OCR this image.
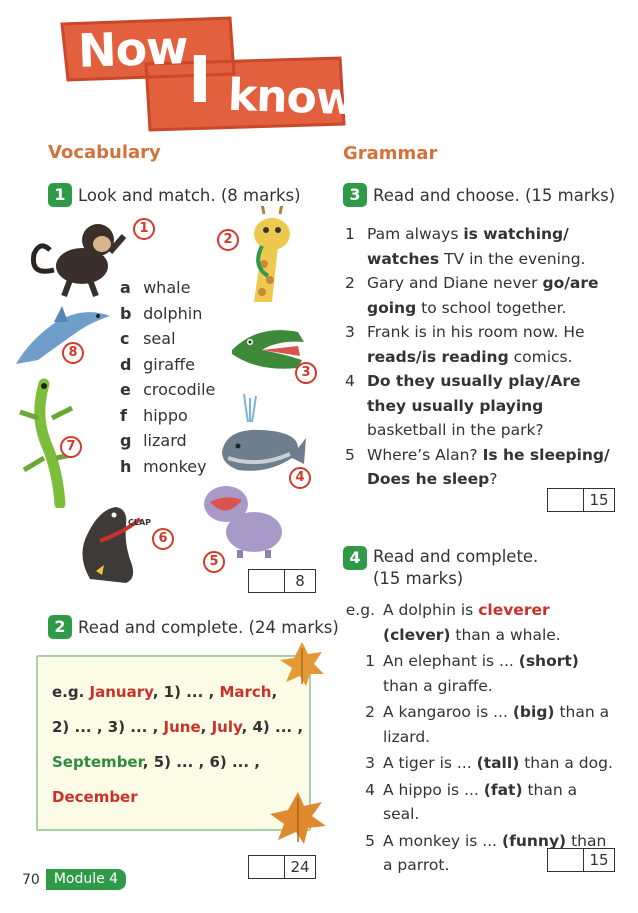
Now I know
Vocabulary
1 Look and match. (8 marks)
a whale
b dolphin
c seal
d giraffe
e crocodile
f hippo
g lizard
h monkey
CLAP
1
2
3
4
5
6
7
8
8
2 Read and complete. (24 marks)
e.g. January, 1) ... , March,
2) ... , 3) ... , June, July, 4) ... ,
September, 5) ... , 6) ... ,
December
24
Grammar
3 Read and choose. (15 marks)
1 Pam always is watching/ watches TV in the evening.
2 Gary and Diane never go/are going to school together.
3 Frank is in his room now. He reads/is reading comics.
4 Do they usually play/Are they usually playing basketball in the park?
5 Where’s Alan? Is he sleeping/ Does he sleep?
15
4 Read and complete.
(15 marks)
e.g. A dolphin is cleverer (clever) than a whale.
1 An elephant is ... (short) than a giraffe.
2 A kangaroo is ... (big) than a lizard.
3 A tiger is ... (tall) than a dog.
4 A hippo is ... (fat) than a seal.
5 A monkey is ... (funny) than a parrot.	15
70	Module 4
